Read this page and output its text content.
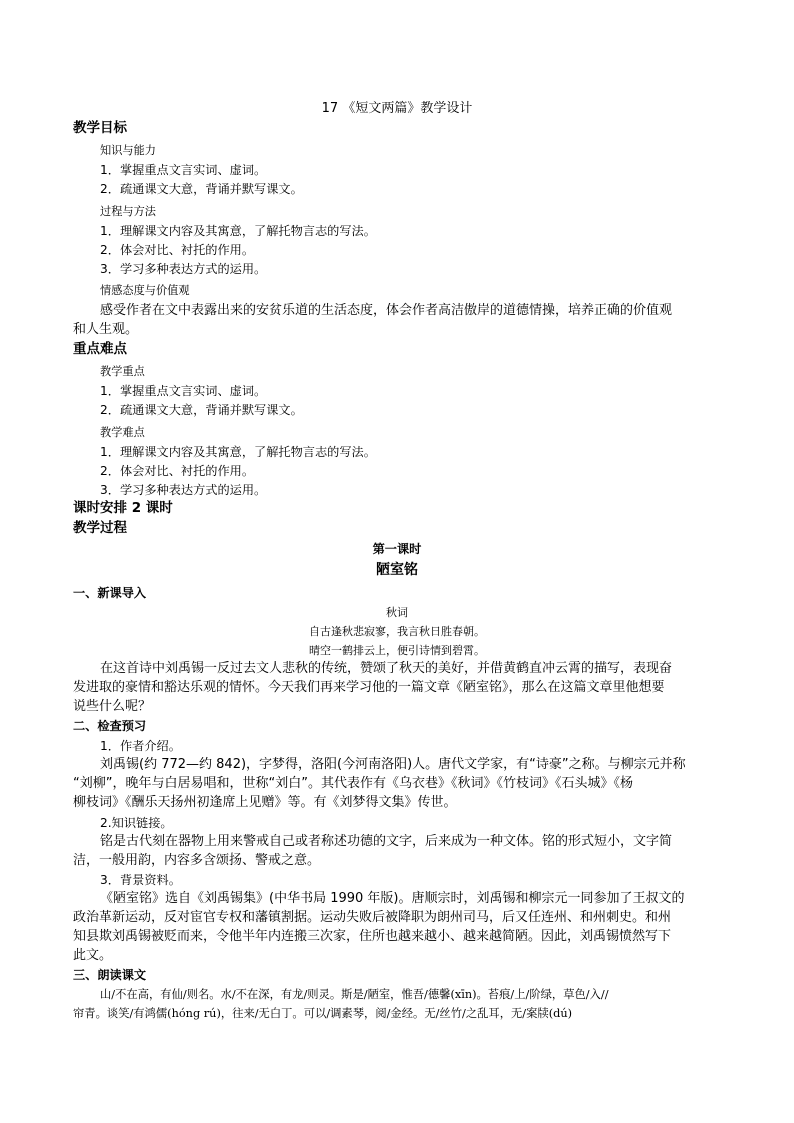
17 《短文两篇》教学设计
教学目标
知识与能力
1．掌握重点文言实词、虚词。
2．疏通课文大意，背诵并默写课文。
过程与方法
1．理解课文内容及其寓意，了解托物言志的写法。
2．体会对比、衬托的作用。
3．学习多种表达方式的运用。
情感态度与价值观
感受作者在文中表露出来的安贫乐道的生活态度，体会作者高洁傲岸的道德情操，培养正确的价值观
和人生观。
重点难点
教学重点
1．掌握重点文言实词、虚词。
2．疏通课文大意，背诵并默写课文。
教学难点
1．理解课文内容及其寓意，了解托物言志的写法。
2．体会对比、衬托的作用。
3．学习多种表达方式的运用。
课时安排 2 课时
教学过程
第一课时
陋室铭
一、新课导入
秋词
自古逢秋悲寂寥，我言秋日胜春朝。
晴空一鹤排云上，便引诗情到碧霄。
在这首诗中刘禹锡一反过去文人悲秋的传统，赞颂了秋天的美好，并借黄鹤直冲云霄的描写，表现奋
发进取的豪情和豁达乐观的情怀。今天我们再来学习他的一篇文章《陋室铭》，那么在这篇文章里他想要
说些什么呢？
二、检查预习
1．作者介绍。
刘禹锡(约 772—约 842)，字梦得，洛阳(今河南洛阳)人。唐代文学家，有“诗豪”之称。与柳宗元并称
“刘柳”，晚年与白居易唱和，世称“刘白”。其代表作有《乌衣巷》《秋词》《竹枝词》《石头城》《杨
柳枝词》《酬乐天扬州初逢席上见赠》等。有《刘梦得文集》传世。
2.知识链接。
铭是古代刻在器物上用来警戒自己或者称述功德的文字，后来成为一种文体。铭的形式短小，文字简
洁，一般用韵，内容多含颂扬、警戒之意。
3．背景资料。
《陋室铭》选自《刘禹锡集》(中华书局 1990 年版)。唐顺宗时，刘禹锡和柳宗元一同参加了王叔文的
政治革新运动，反对宦官专权和藩镇割据。运动失败后被降职为朗州司马，后又任连州、和州刺史。和州
知县欺刘禹锡被贬而来，令他半年内连搬三次家，住所也越来越小、越来越简陋。因此，刘禹锡愤然写下
此文。
三、朗读课文
山/不在高，有仙/则名。水/不在深，有龙/则灵。斯是/陋室，惟吾/德馨(xīn)。苔痕/上/阶绿，草色/入//
帘青。谈笑/有鸿儒(hóng rú)，往来/无白丁。可以/调素琴，阅/金经。无/丝竹/之乱耳，无/案牍(dú)
